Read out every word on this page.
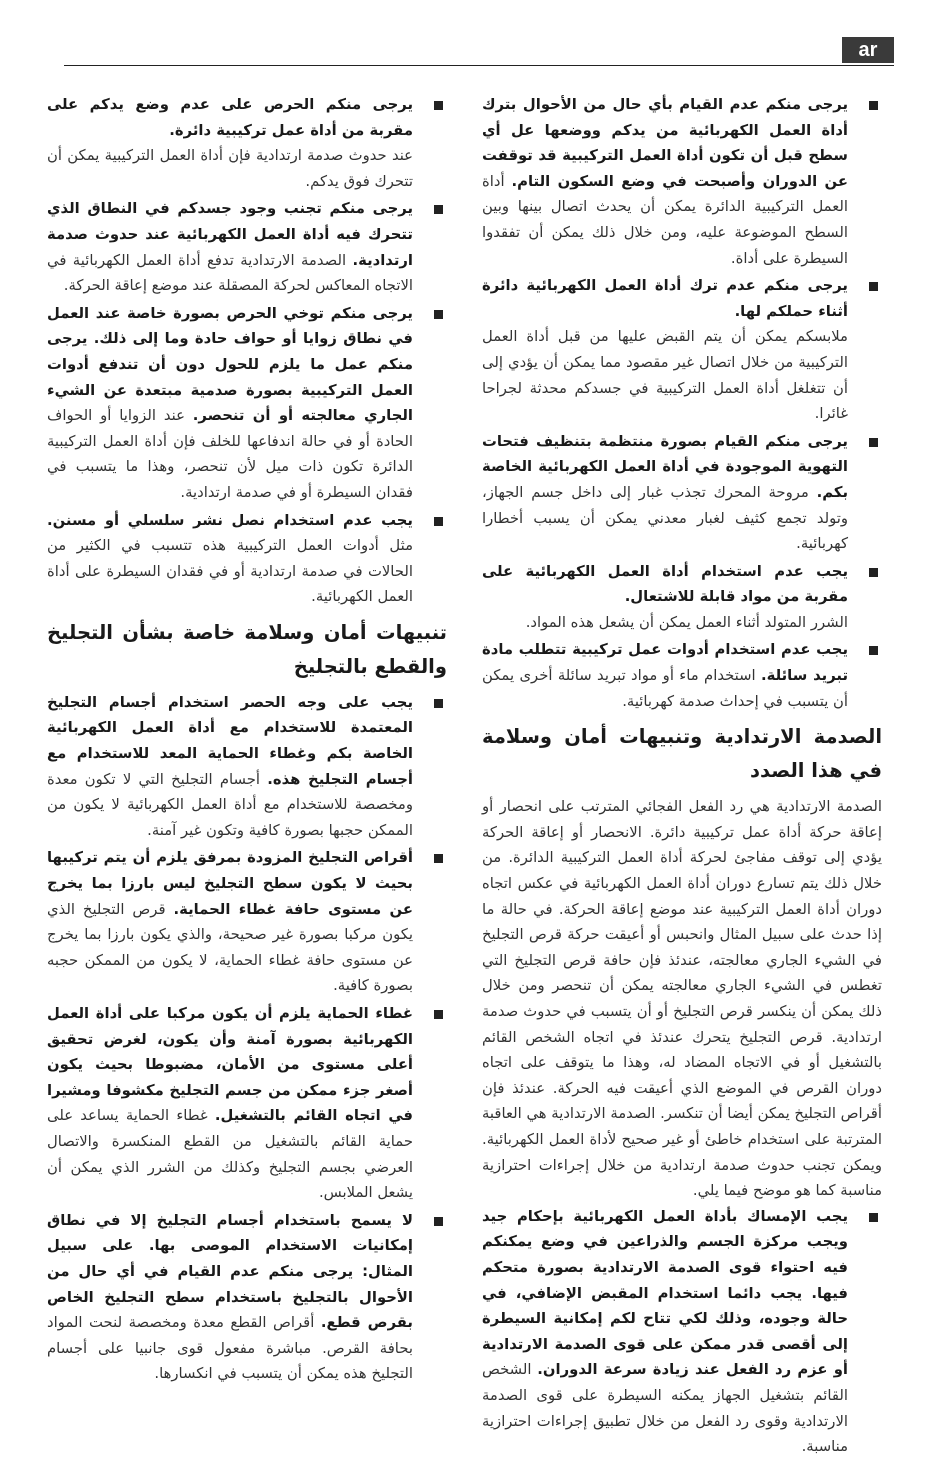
ar
يرجى منكم عدم القيام بأي حال من الأحوال بترك أداة العمل الكهربائية من يدكم ووضعها عل أي سطح قبل أن تكون أداة العمل التركيبية قد توقفت عن الدوران وأصبحت في وضع السكون التام. أداة العمل التركيبية الدائرة يمكن أن يحدث اتصال بينها وبين السطح الموضوعة عليه، ومن خلال ذلك يمكن أن تفقدوا السيطرة على أداة.
يرجى منكم عدم ترك أداة العمل الكهربائية دائرة أثناء حملكم لها.
ملابسكم يمكن أن يتم القبض عليها من قبل أداة العمل التركيبية من خلال اتصال غير مقصود مما يمكن أن يؤدي إلى أن تتغلغل أداة العمل التركيبية في جسدكم محدثة لجراحا غائرا.
يرجى منكم القيام بصورة منتظمة بتنظيف فتحات التهوية الموجودة في أداة العمل الكهربائية الخاصة بكم. مروحة المحرك تجذب غبار إلى داخل جسم الجهاز، وتولد تجمع كثيف لغبار معدني يمكن أن يسبب أخطارا كهربائية.
يجب عدم استخدام أداة العمل الكهربائية على مقربة من مواد قابلة للاشتعال.
الشرر المتولد أثناء العمل يمكن أن يشعل هذه المواد.
يجب عدم استخدام أدوات عمل تركيبية تتطلب مادة تبريد سائلة. استخدام ماء أو مواد تبريد سائلة أخرى يمكن أن يتسبب في إحداث صدمة كهربائية.
الصدمة الارتدادية وتنبيهات أمان وسلامة في هذا الصدد

الصدمة الارتدادية هي رد الفعل الفجائي المترتب على انحصار أو إعاقة حركة أداة عمل تركيبية دائرة. الانحصار أو إعاقة الحركة يؤدي إلى توقف مفاجئ لحركة أداة العمل التركيبية الدائرة. من خلال ذلك يتم تسارع دوران أداة العمل الكهربائية في عكس اتجاه دوران أداة العمل التركيبية عند موضع إعاقة الحركة. في حالة ما إذا حدث على سبيل المثال وانحبس أو أعيقت حركة قرص التجليخ في الشيء الجاري معالجته، عندئذ فإن حافة قرص التجليخ التي تغطس في الشيء الجاري معالجته يمكن أن تنحصر ومن خلال ذلك يمكن أن ينكسر قرص التجليخ أو أن يتسبب في حدوث صدمة ارتدادية. قرص التجليخ يتحرك عندئذ في اتجاه الشخص القائم بالتشغيل أو في الاتجاه المضاد له، وهذا ما يتوقف على اتجاه دوران القرص في الموضع الذي أعيقت فيه الحركة. عندئذ فإن أقراص التجليخ يمكن أيضا أن تنكسر. الصدمة الارتدادية هي العاقبة المترتبة على استخدام خاطئ أو غير صحيح لأداة العمل الكهربائية. ويمكن تجنب حدوث صدمة ارتدادية من خلال إجراءات احترازية مناسبة كما هو موضح فيما يلي.

يجب الإمساك بأداة العمل الكهربائية بإحكام جيد ويجب مركزة الجسم والذراعين في وضع يمكنكم فيه احتواء قوى الصدمة الارتدادية بصورة متحكم فيها. يجب دائما استخدام المقبض الإضافي، في حالة وجوده، وذلك لكي تتاح لكم إمكانية السيطرة إلى أقصى قدر ممكن على قوى الصدمة الارتدادية أو عزم رد الفعل عند زيادة سرعة الدوران. الشخص القائم بتشغيل الجهاز يمكنه السيطرة على قوى الصدمة الارتدادية وقوى رد الفعل من خلال تطبيق إجراءات احترازية مناسبة.
يرجى منكم الحرص على عدم وضع يدكم على مقربة من أداة عمل تركيبية دائرة.
عند حدوث صدمة ارتدادية فإن أداة العمل التركيبية يمكن أن تتحرك فوق يدكم.
يرجى منكم تجنب وجود جسدكم في النطاق الذي تتحرك فيه أداة العمل الكهربائية عند حدوث صدمة ارتدادية. الصدمة الارتدادية تدفع أداة العمل الكهربائية في الاتجاه المعاكس لحركة المصقلة عند موضع إعاقة الحركة.
يرجى منكم توخي الحرص بصورة خاصة عند العمل في نطاق زوايا أو حواف حادة وما إلى ذلك. يرجى منكم عمل ما يلزم للحول دون أن تندفع أدوات العمل التركيبية بصورة صدمية مبتعدة عن الشيء الجاري معالجته أو أن تنحصر. عند الزوايا أو الحواف الحادة أو في حالة اندفاعها للخلف فإن أداة العمل التركيبية الدائرة تكون ذات ميل لأن تنحصر، وهذا ما يتسبب في فقدان السيطرة أو في صدمة ارتدادية.
يجب عدم استخدام نصل نشر سلسلي أو مسنن. مثل أدوات العمل التركيبية هذه تتسبب في الكثير من الحالات في صدمة ارتدادية أو في فقدان السيطرة على أداة العمل الكهربائية.
تنبيهات أمان وسلامة خاصة بشأن التجليخ والقطع بالتجليخ
يجب على وجه الحصر استخدام أجسام التجليخ المعتمدة للاستخدام مع أداة العمل الكهربائية الخاصة بكم وغطاء الحماية المعد للاستخدام مع أجسام التجليخ هذه. أجسام التجليخ التي لا تكون معدة ومخصصة للاستخدام مع أداة العمل الكهربائية لا يكون من الممكن حجبها بصورة كافية وتكون غير آمنة.
أقراص التجليخ المزودة بمرفق يلزم أن يتم تركيبها بحيث لا يكون سطح التجليخ ليس بارزا بما يخرج عن مستوى حافة غطاء الحماية. قرص التجليخ الذي يكون مركبا بصورة غير صحيحة، والذي يكون بارزا بما يخرج عن مستوى حافة غطاء الحماية، لا يكون من الممكن حجبه بصورة كافية.
غطاء الحماية يلزم أن يكون مركبا على أداة العمل الكهربائية بصورة آمنة وأن يكون، لغرض تحقيق أعلى مستوى من الأمان، مضبوطا بحيث يكون أصغر جزء ممكن من جسم التجليخ مكشوفا ومشيرا في اتجاه القائم بالتشغيل. غطاء الحماية يساعد على حماية القائم بالتشغيل من القطع المنكسرة والاتصال العرضي بجسم التجليخ وكذلك من الشرر الذي يمكن أن يشعل الملابس.
لا يسمح باستخدام أجسام التجليخ إلا في نطاق إمكانيات الاستخدام الموصى بها. على سبيل المثال: يرجى منكم عدم القيام في أي حال من الأحوال بالتجليخ باستخدام سطح التجليخ الخاص بقرص قطع. أقراص القطع معدة ومخصصة لنحت المواد بحافة القرص. مباشرة مفعول قوى جانبيا على أجسام التجليخ هذه يمكن أن يتسبب في انكسارها.
